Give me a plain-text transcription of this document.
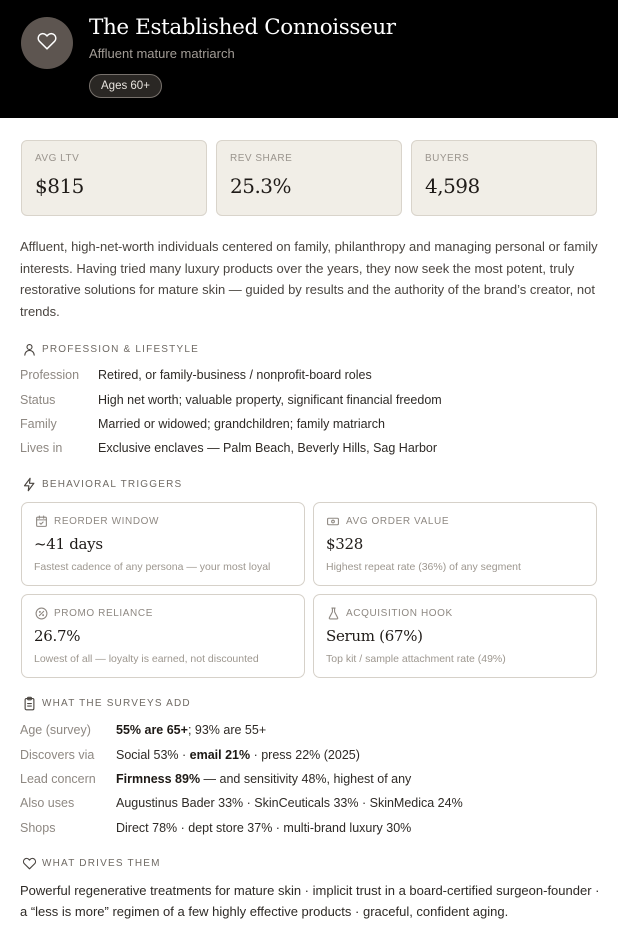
The Established Connoisseur
Affluent mature matriarch
Ages 60+
AVG LTV
$815
REV SHARE
25.3%
BUYERS
4,598
Affluent, high-net-worth individuals centered on family, philanthropy and managing personal or family interests. Having tried many luxury products over the years, they now seek the most potent, truly restorative solutions for mature skin — guided by results and the authority of the brand’s creator, not trends.
PROFESSION & LIFESTYLE
Profession Retired, or family-business / nonprofit-board roles
Status	High net worth; valuable property, significant financial freedom
Family	Married or widowed; grandchildren; family matriarch
Lives in	Exclusive enclaves — Palm Beach, Beverly Hills, Sag Harbor
BEHAVIORAL TRIGGERS
REORDER WINDOW
~41 days
Fastest cadence of any persona — your most loyal
AVG ORDER VALUE
$328
Highest repeat rate (36%) of any segment
PROMO RELIANCE
26.7%
Lowest of all — loyalty is earned, not discounted
ACQUISITION HOOK
Serum (67%)
Top kit / sample attachment rate (49%)
WHAT THE SURVEYS ADD
Age (survey) 55% are 65+; 93% are 55+
Discovers via Social 53% · email 21% · press 22% (2025)
Lead concern Firmness 89% — and sensitivity 48%, highest of any
Also uses	Augustinus Bader 33% · SkinCeuticals 33% · SkinMedica 24%
Shops	Direct 78% · dept store 37% · multi-brand luxury 30%
WHAT DRIVES THEM
Powerful regenerative treatments for mature skin · implicit trust in a board-certified surgeon-founder · a “less is more” regimen of a few highly effective products · graceful, confident aging.
